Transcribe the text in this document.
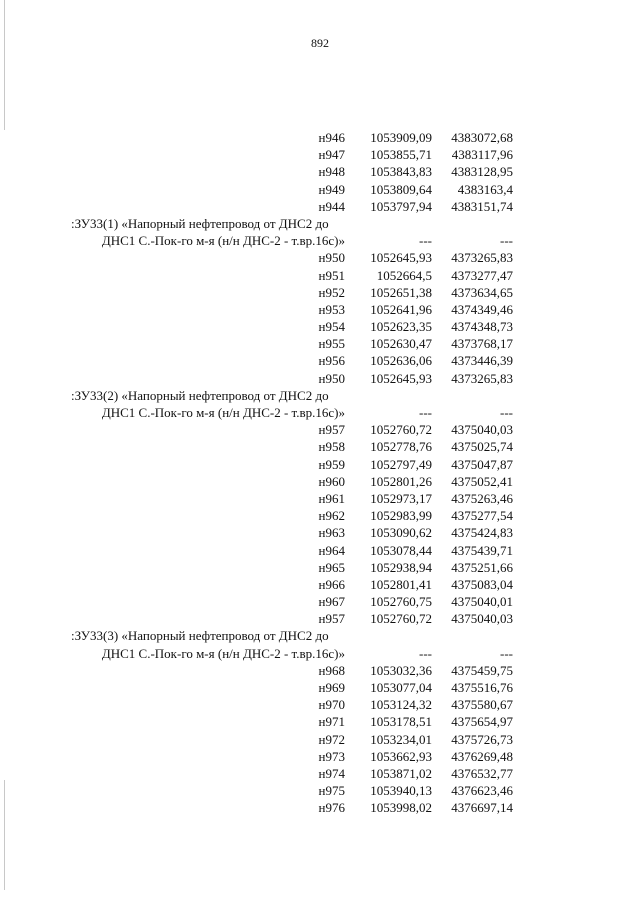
892
н946 1053909,09 4383072,68
н947 1053855,71 4383117,96
н948 1053843,83 4383128,95
н949 1053809,64 4383163,4
н944 1053797,94 4383151,74
:ЗУ33(1) «Напорный нефтепровод от ДНС2 до
ДНС1 С.-Пок-го м-я (н/н ДНС-2 - т.вр.16с)»	---	---
н950 1052645,93 4373265,83
н951 1052664,5 4373277,47
н952 1052651,38 4373634,65
н953 1052641,96 4374349,46
н954 1052623,35 4374348,73
н955 1052630,47 4373768,17
н956 1052636,06 4373446,39
н950 1052645,93 4373265,83
:ЗУ33(2) «Напорный нефтепровод от ДНС2 до
ДНС1 С.-Пок-го м-я (н/н ДНС-2 - т.вр.16с)»	---	---
н957 1052760,72 4375040,03
н958 1052778,76 4375025,74
н959 1052797,49 4375047,87
н960 1052801,26 4375052,41
н961 1052973,17 4375263,46
н962 1052983,99 4375277,54
н963 1053090,62 4375424,83
н964 1053078,44 4375439,71
н965 1052938,94 4375251,66
н966 1052801,41 4375083,04
н967 1052760,75 4375040,01
н957 1052760,72 4375040,03
:ЗУ33(3) «Напорный нефтепровод от ДНС2 до
ДНС1 С.-Пок-го м-я (н/н ДНС-2 - т.вр.16с)»	---	---
н968 1053032,36 4375459,75
н969 1053077,04 4375516,76
н970 1053124,32 4375580,67
н971 1053178,51 4375654,97
н972 1053234,01 4375726,73
н973 1053662,93 4376269,48
н974 1053871,02 4376532,77
н975 1053940,13 4376623,46
н976 1053998,02 4376697,14
